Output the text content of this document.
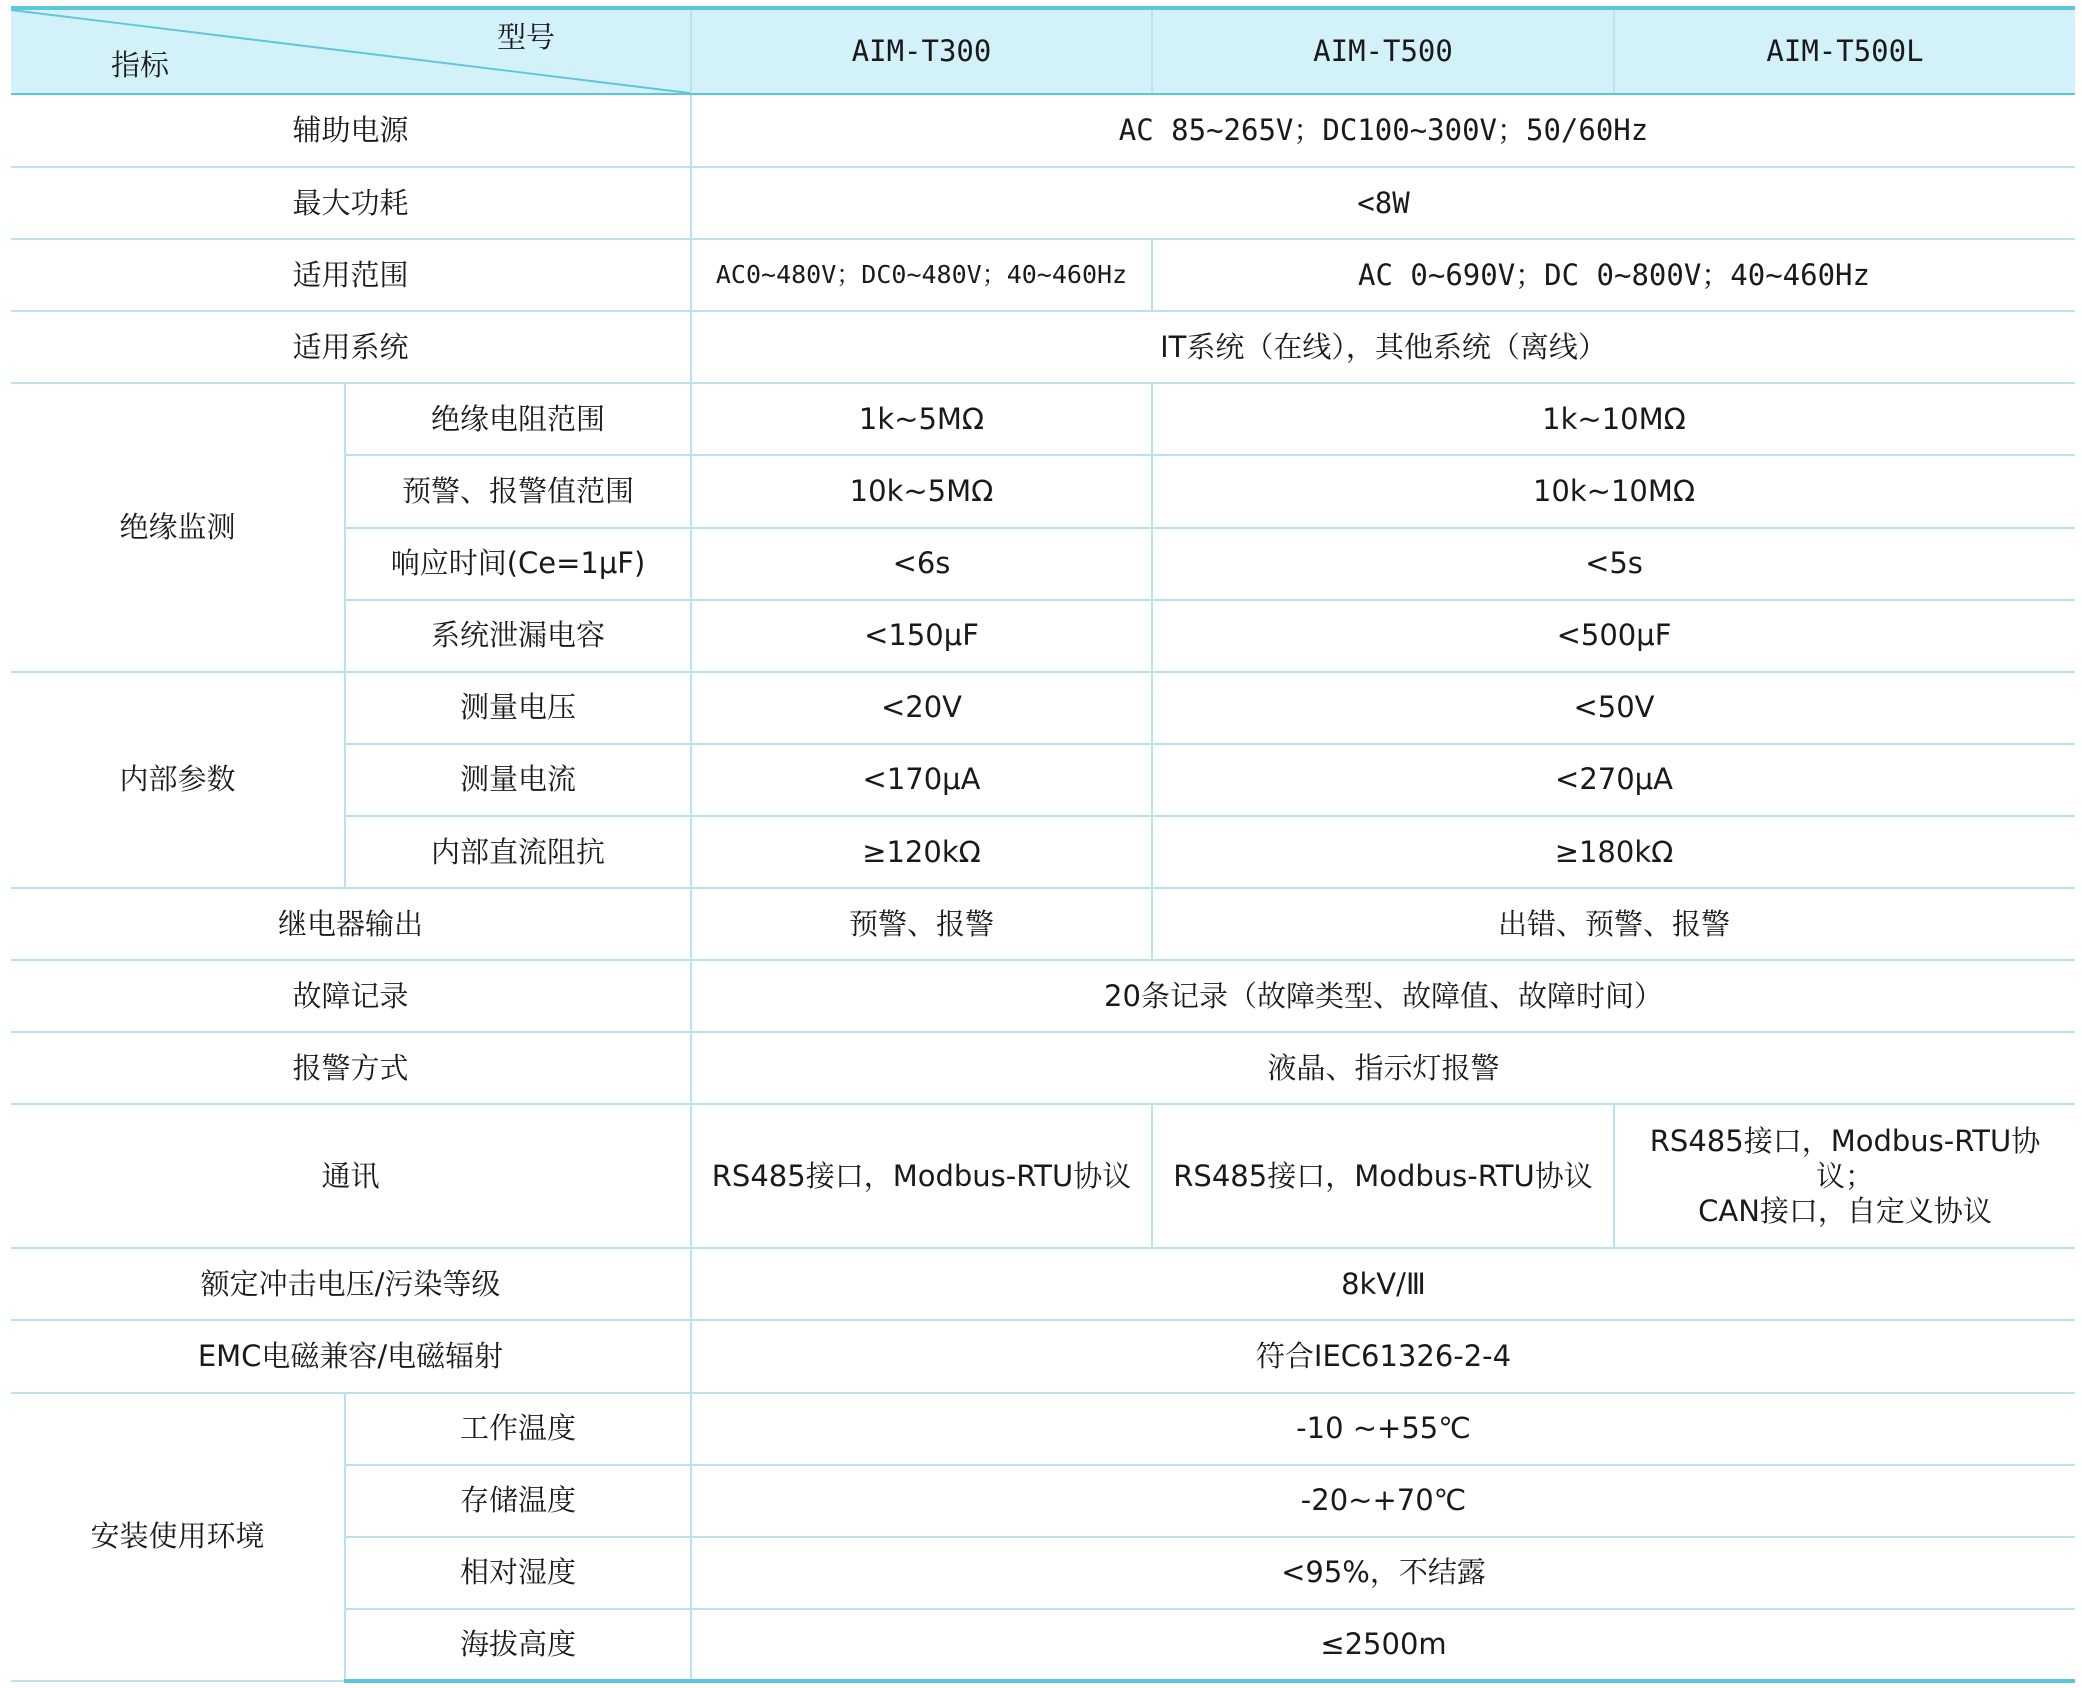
型号
指标		AIM-T300	AIM-T500	AIM-T500L
辅助电源		AC 85~265V；DC100~300V；50/60Hz		
最大功耗		<8W		
适用范围		AC0~480V；DC0~480V；40~460Hz	AC 0~690V；DC 0~800V；40~460Hz	
适用系统		IT系统（在线），其他系统（离线）		
绝缘监测	绝缘电阻范围	1k~5MΩ	1k~10MΩ	
	预警、报警值范围	10k~5MΩ	10k~10MΩ	
	响应时间(Ce=1μF)	<6s	<5s	
	系统泄漏电容	<150μF	<500μF	
内部参数	测量电压	<20V	<50V	
	测量电流	<170μA	<270μA	
	内部直流阻抗	≥120kΩ	≥180kΩ	
继电器输出		预警、报警	出错、预警、报警	
故障记录		20条记录（故障类型、故障值、故障时间）		
报警方式		液晶、指示灯报警		
通讯		RS485接口，Modbus-RTU协议	RS485接口，Modbus-RTU协议	RS485接口，Modbus-RTU协议；
CAN接口，自定义协议

额定冲击电压/污染等级		8kV/Ⅲ		
EMC电磁兼容/电磁辐射		符合IEC61326-2-4		
安装使用环境	工作温度	-10 ~+55℃		
	存储温度	-20~+70℃		
	相对湿度	<95%，不结露		
	海拔高度	≤2500m		
